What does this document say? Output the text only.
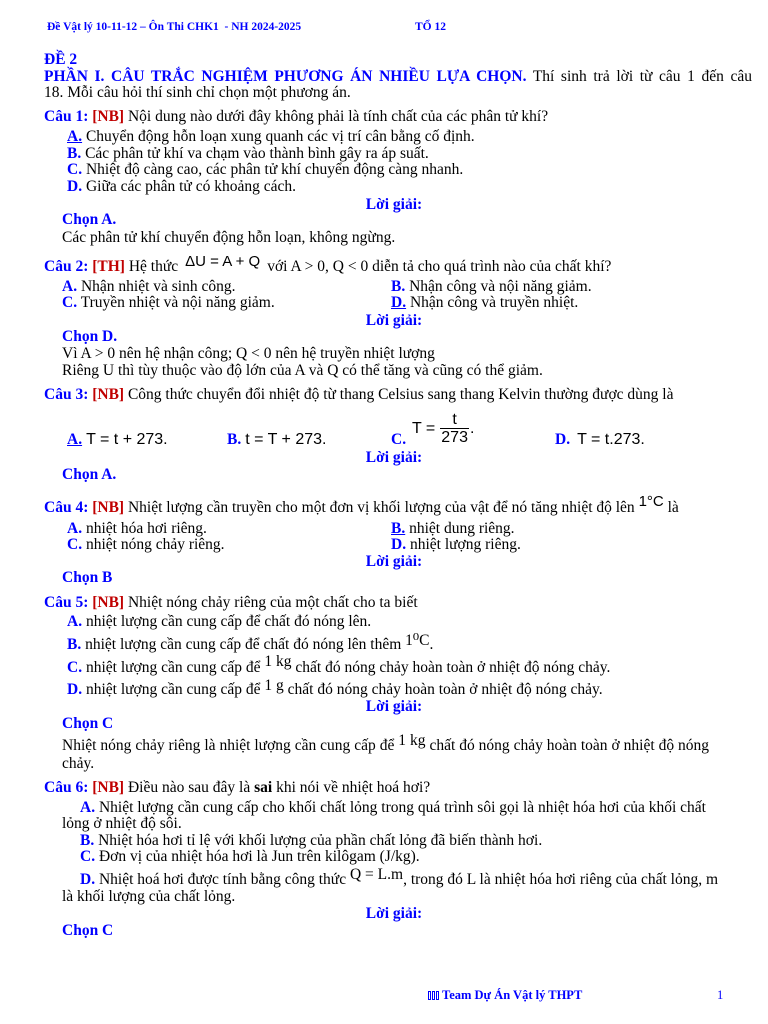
Đề Vật lý 10-11-12 – Ôn Thi CHK1  - NH 2024-2025	TỔ 12
ĐỀ 2
PHẦN I. CÂU TRẮC NGHIỆM PHƯƠNG ÁN NHIỀU LỰA CHỌN. Thí sinh trả lời từ câu 1 đến câu
18. Mỗi câu hỏi thí sinh chỉ chọn một phương án.
Câu 1: [NB] Nội dung nào dưới đây không phải là tính chất của các phân tử khí?
A. Chuyển động hỗn loạn xung quanh các vị trí cân bằng cố định.
B. Các phân tử khí va chạm vào thành bình gây ra áp suất.
C. Nhiệt độ càng cao, các phân tử khí chuyển động càng nhanh.
D. Giữa các phân tử có khoảng cách.
Lời giải:
Chọn A.
Các phân tử khí chuyển động hỗn loạn, không ngừng.
Câu 2: [TH] Hệ thức ΔU = A + Q với A > 0, Q < 0 diễn tả cho quá trình nào của chất khí?
A. Nhận nhiệt và sinh công.	B. Nhận công và nội năng giảm.
C. Truyền nhiệt và nội năng giảm.	D. Nhận công và truyền nhiệt.
Lời giải:
Chọn D.
Vì A > 0 nên hệ nhận công; Q < 0 nên hệ truyền nhiệt lượng
Riêng U thì tùy thuộc vào độ lớn của A và Q có thể tăng và cũng có thể giảm.
Câu 3: [NB] Công thức chuyển đổi nhiệt độ từ thang Celsius sang thang Kelvin thường được dùng là
A. T = t + 273.	B. t = T + 273.	C.
$T = \frac{t}{273}$ .
D. T = t.273.
Lời giải:
Chọn A.
Câu 4: [NB] Nhiệt lượng cần truyền cho một đơn vị khối lượng của vật để nó tăng nhiệt độ lên 1°C là
A. nhiệt hóa hơi riêng.	B. nhiệt dung riêng.
C. nhiệt nóng chảy riêng.	D. nhiệt lượng riêng.
Lời giải:
Chọn B
Câu 5: [NB] Nhiệt nóng chảy riêng của một chất cho ta biết
A. nhiệt lượng cần cung cấp để chất đó nóng lên.
B. nhiệt lượng cần cung cấp để chất đó nóng lên thêm 1⁰C.
C. nhiệt lượng cần cung cấp để 1 kg chất đó nóng chảy hoàn toàn ở nhiệt độ nóng chảy.
D. nhiệt lượng cần cung cấp để 1 g chất đó nóng chảy hoàn toàn ở nhiệt độ nóng chảy.
Lời giải:
Chọn C
Nhiệt nóng chảy riêng là nhiệt lượng cần cung cấp để 1 kg chất đó nóng chảy hoàn toàn ở nhiệt độ nóng
chảy.
Câu 6: [NB] Điều nào sau đây là sai khi nói về nhiệt hoá hơi?
A. Nhiệt lượng cần cung cấp cho khối chất lỏng trong quá trình sôi gọi là nhiệt hóa hơi của khối chất
lỏng ở nhiệt độ sôi.
B. Nhiệt hóa hơi tỉ lệ với khối lượng của phần chất lỏng đã biến thành hơi.
C. Đơn vị của nhiệt hóa hơi là Jun trên kilôgam (J/kg).
D. Nhiệt hoá hơi được tính bằng công thức Q = L.m, trong đó L là nhiệt hóa hơi riêng của chất lỏng, m
là khối lượng của chất lỏng.
Lời giải:
Chọn C
Team Dự Án Vật lý THPT	1
